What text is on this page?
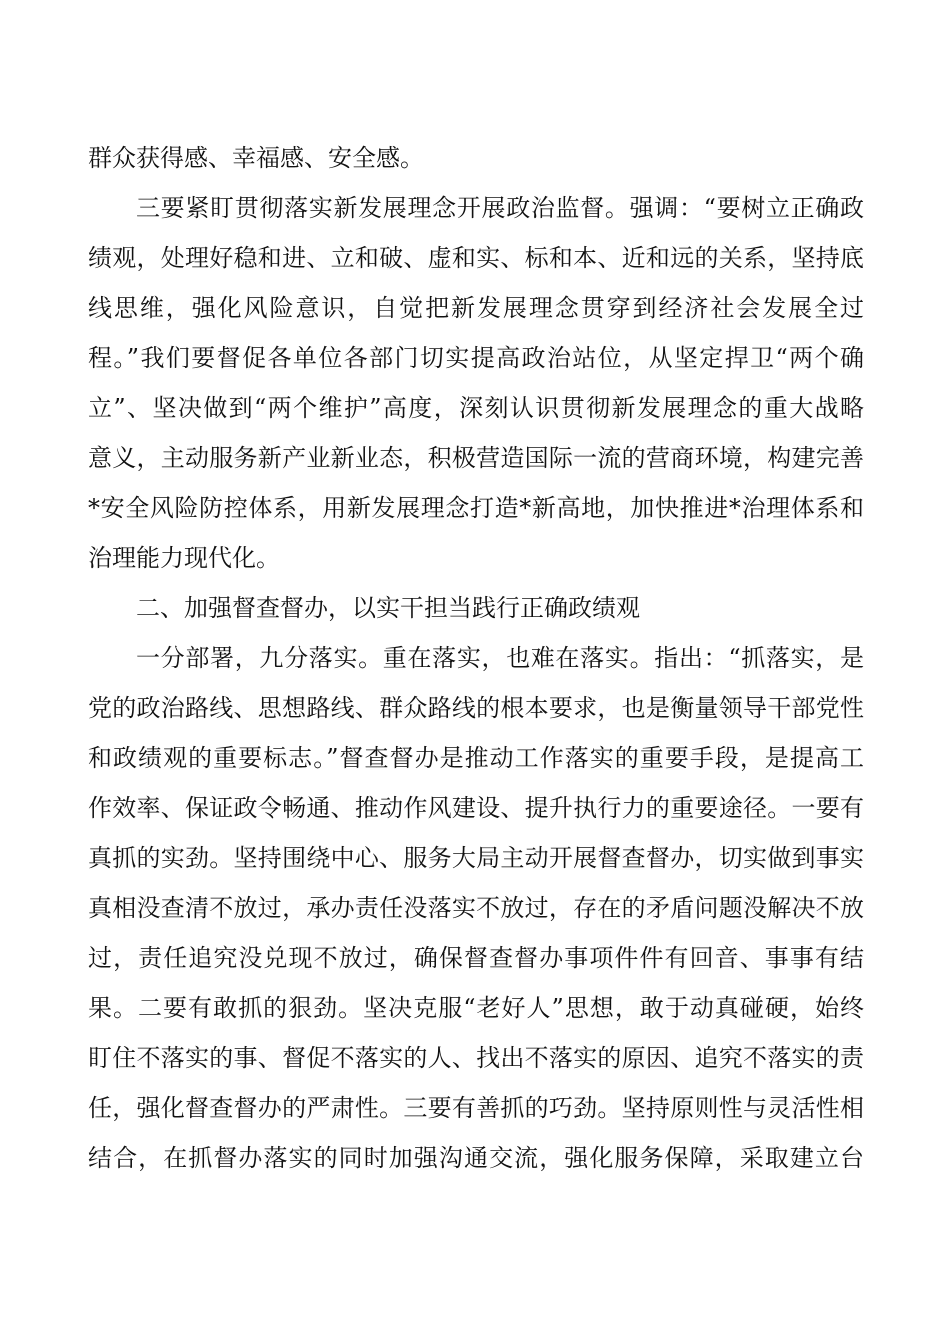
群众获得感、幸福感、安全感。
三要紧盯贯彻落实新发展理念开展政治监督。强调：“要树立正确政
绩观，处理好稳和进、立和破、虚和实、标和本、近和远的关系，坚持底
线思维，强化风险意识，自觉把新发展理念贯穿到经济社会发展全过
程。”我们要督促各单位各部门切实提高政治站位，从坚定捍卫“两个确
立”、坚决做到“两个维护”高度，深刻认识贯彻新发展理念的重大战略
意义，主动服务新产业新业态，积极营造国际一流的营商环境，构建完善
*安全风险防控体系，用新发展理念打造*新高地，加快推进*治理体系和
治理能力现代化。
二、加强督查督办，以实干担当践行正确政绩观
一分部署，九分落实。重在落实，也难在落实。指出：“抓落实，是
党的政治路线、思想路线、群众路线的根本要求，也是衡量领导干部党性
和政绩观的重要标志。”督查督办是推动工作落实的重要手段，是提高工
作效率、保证政令畅通、推动作风建设、提升执行力的重要途径。一要有
真抓的实劲。坚持围绕中心、服务大局主动开展督查督办，切实做到事实
真相没查清不放过，承办责任没落实不放过，存在的矛盾问题没解决不放
过，责任追究没兑现不放过，确保督查督办事项件件有回音、事事有结
果。二要有敢抓的狠劲。坚决克服“老好人”思想，敢于动真碰硬，始终
盯住不落实的事、督促不落实的人、找出不落实的原因、追究不落实的责
任，强化督查督办的严肃性。三要有善抓的巧劲。坚持原则性与灵活性相
结合，在抓督办落实的同时加强沟通交流，强化服务保障，采取建立台
